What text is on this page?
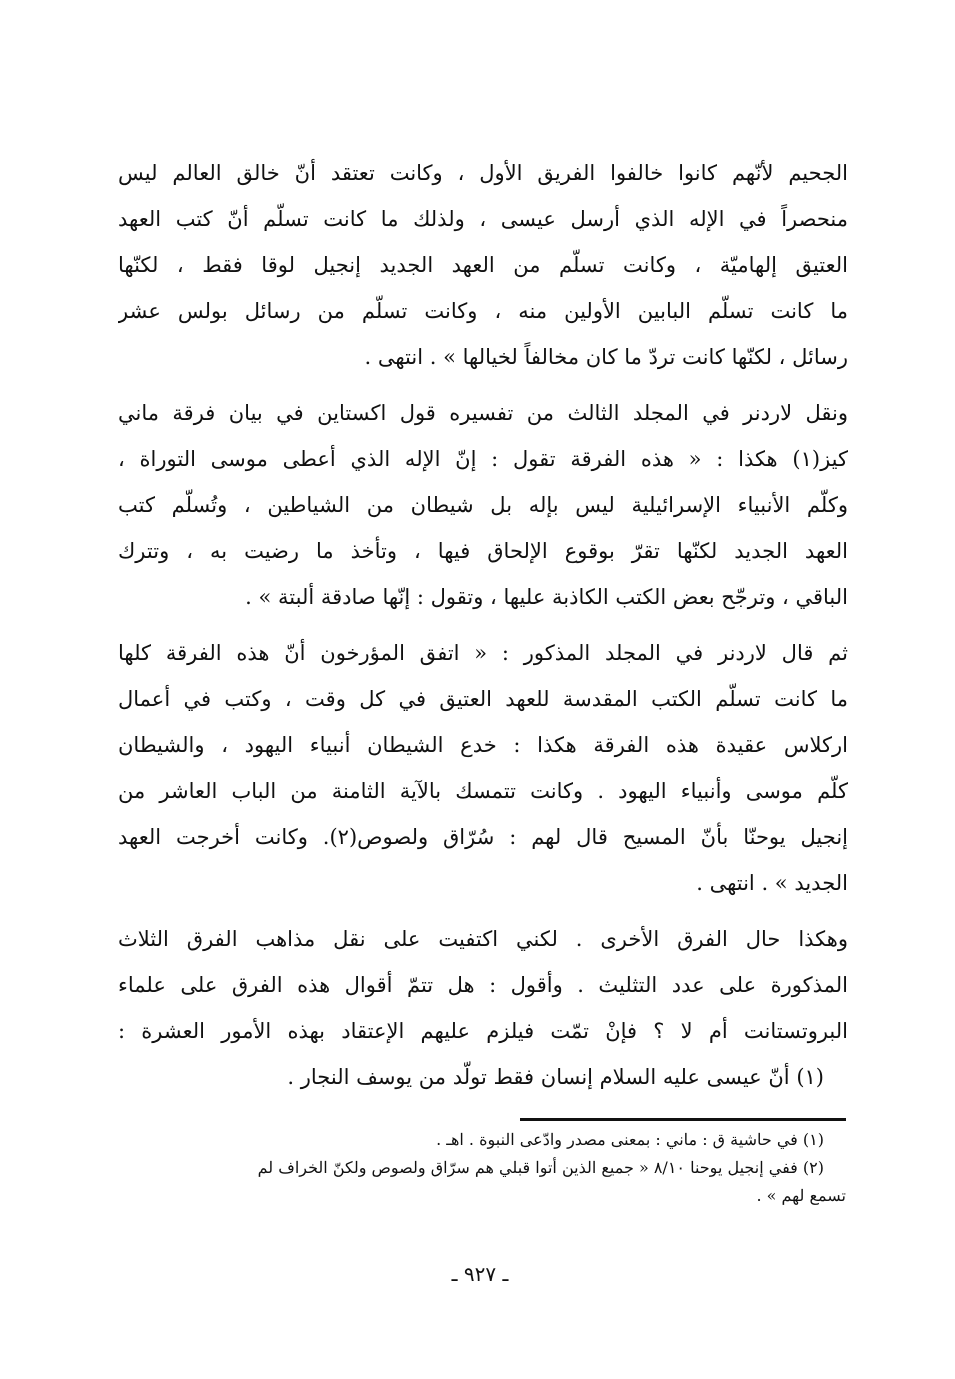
الجحيم لأنّهم كانوا خالفوا الفريق الأول ، وكانت تعتقد أنّ خالق العالم ليس
منحصراً في الإله الذي أرسل عيسى ، ولذلك ما كانت تسلّم أنّ كتب العهد
العتيق إلهاميّة ، وكانت تسلّم من العهد الجديد إنجيل لوقا فقط ، لكنّها
ما كانت تسلّم البابين الأولين منه ، وكانت تسلّم من رسائل بولس عشر
رسائل ، لكنّها كانت تردّ ما كان مخالفاً لخيالها » . انتهى .
ونقل لاردنر في المجلد الثالث من تفسيره قول اكستاين في بيان فرقة ماني
كيز(١) هكذا : « هذه الفرقة تقول : إنّ الإله الذي أعطى موسى التوراة ،
وكلّم الأنبياء الإسرائيلية ليس بإله بل شيطان من الشياطين ، وتُسلّم كتب
العهد الجديد لكنّها تقرّ بوقوع الإلحاق فيها ، وتأخذ ما رضيت به ، وتترك
الباقي ، وترجّح بعض الكتب الكاذبة عليها ، وتقول : إنّها صادقة ألبتة » .
ثم قال لاردنر في المجلد المذكور : « اتفق المؤرخون أنّ هذه الفرقة كلها
ما كانت تسلّم الكتب المقدسة للعهد العتيق في كل وقت ، وكتب في أعمال
اركلاس عقيدة هذه الفرقة هكذا : خدع الشيطان أنبياء اليهود ، والشيطان
كلّم موسى وأنبياء اليهود . وكانت تتمسك بالآية الثامنة من الباب العاشر من
إنجيل يوحنّا بأنّ المسيح قال لهم : سُرّاق ولصوص(٢). وكانت أخرجت العهد
الجديد » . انتهى .
وهكذا حال الفرق الأخرى . لكني اكتفيت على نقل مذاهب الفرق الثلاث
المذكورة على عدد التثليث . وأقول : هل تتمّ أقوال هذه الفرق على علماء
البروتستانت أم لا ؟ فإنْ تمّت فيلزم عليهم الإعتقاد بهذه الأمور العشرة :
(١) أنّ عيسى عليه السلام إنسان فقط تولّد من يوسف النجار .
(١) في حاشية ق : ماني : بمعنى مصدر وادّعى النبوة . اهـ .
(٢) ففي إنجيل يوحنا ٨/١٠ « جميع الذين أتوا قبلي هم سرّاق ولصوص ولكنّ الخراف لم
تسمع لهم » .
ـ ٩٢٧ ـ
